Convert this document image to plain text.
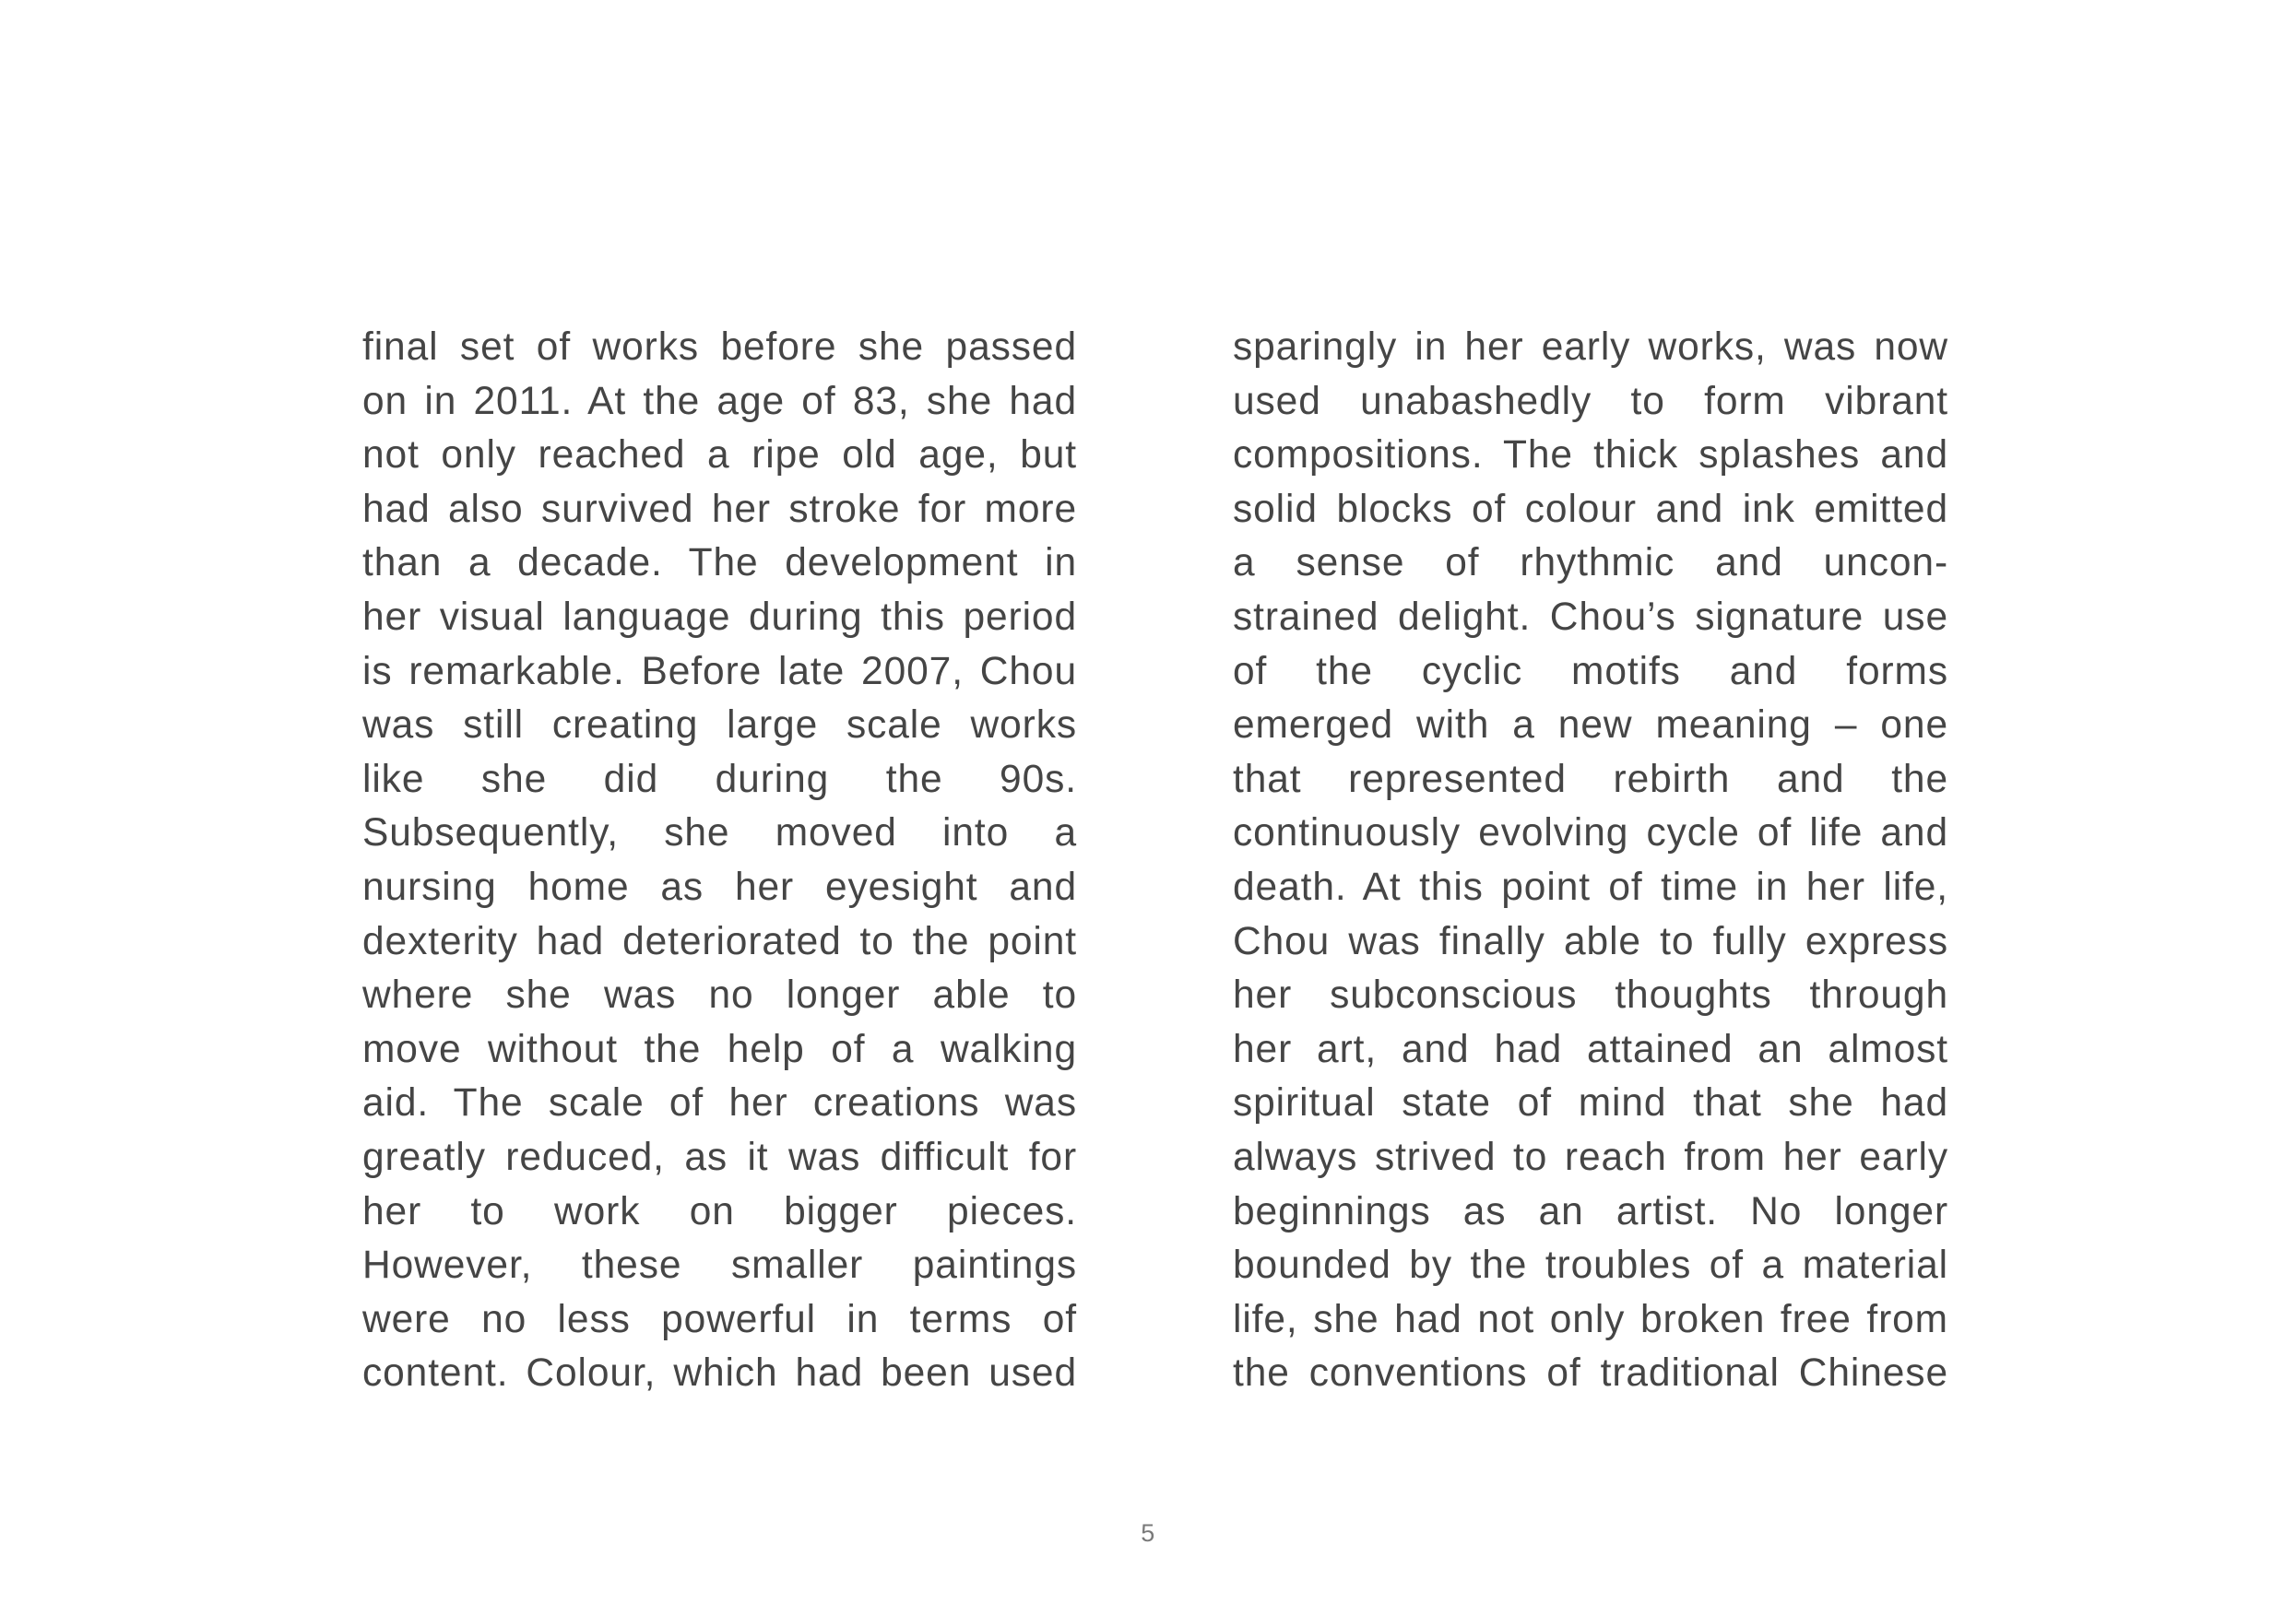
final set of works before she passed
on in 2011. At the age of 83, she had
not only reached a ripe old age, but
had also survived her stroke for more
than a decade. The development in
her visual language during this period
is remarkable. Before late 2007, Chou
was still creating large scale works
like she did during the 90s.
Subsequently, she moved into a
nursing home as her eyesight and
dexterity had deteriorated to the point
where she was no longer able to
move without the help of a walking
aid. The scale of her creations was
greatly reduced, as it was difficult for
her to work on bigger pieces.
However, these smaller paintings
were no less powerful in terms of
content. Colour, which had been used
sparingly in her early works, was now
used unabashedly to form vibrant
compositions. The thick splashes and
solid blocks of colour and ink emitted
a sense of rhythmic and uncon-
strained delight. Chou’s signature use
of the cyclic motifs and forms
emerged with a new meaning – one
that represented rebirth and the
continuously evolving cycle of life and
death. At this point of time in her life,
Chou was finally able to fully express
her subconscious thoughts through
her art, and had attained an almost
spiritual state of mind that she had
always strived to reach from her early
beginnings as an artist. No longer
bounded by the troubles of a material
life, she had not only broken free from
the conventions of traditional Chinese
5
